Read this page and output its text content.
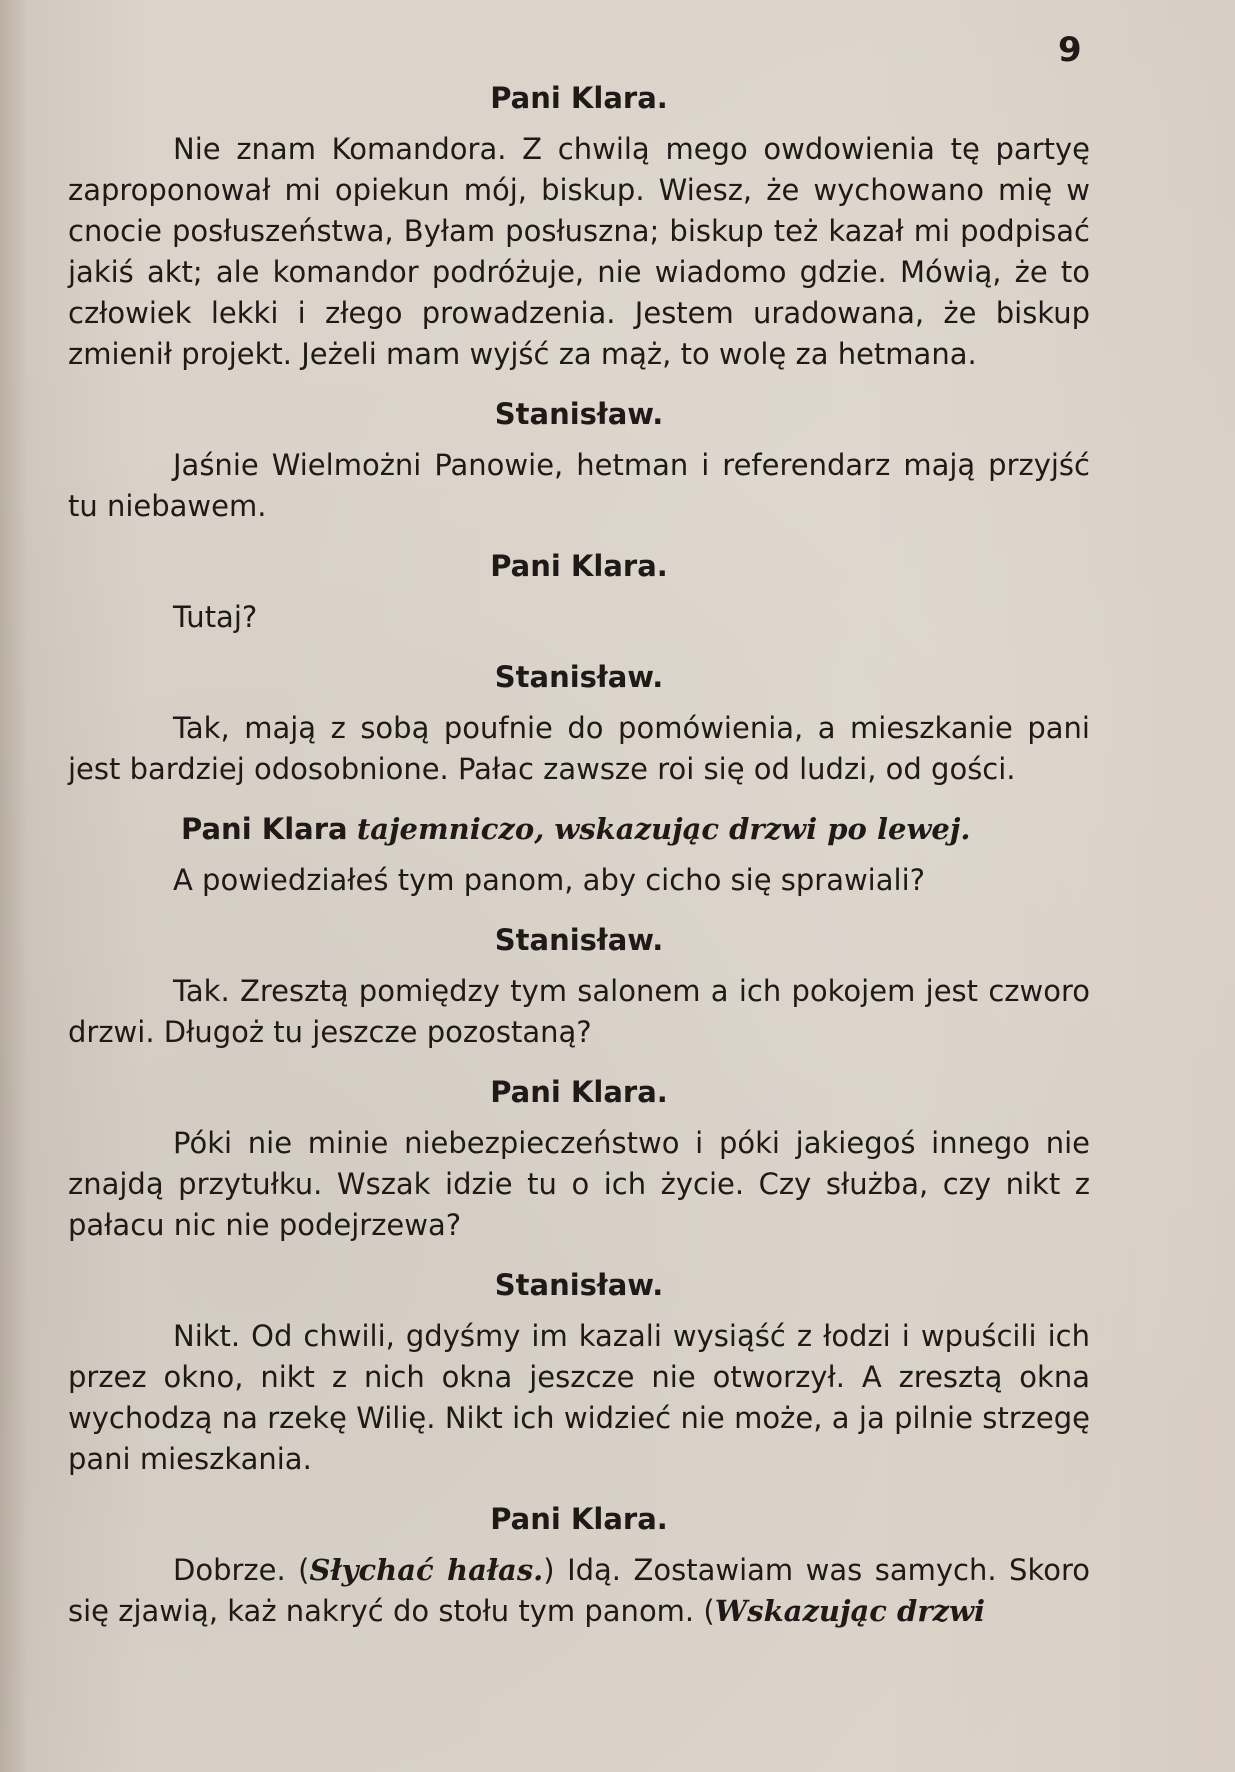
9
Pani Klara.

Nie znam Komandora. Z chwilą mego owdowienia tę partyę zaproponował mi opiekun mój, biskup. Wiesz, że wychowano mię w cnocie posłuszeństwa, Byłam posłuszna; biskup też kazał mi podpisać jakiś akt; ale komandor podróżuje, nie wiadomo gdzie. Mówią, że to człowiek lekki i złego prowadzenia. Jestem uradowana, że biskup zmienił projekt. Jeżeli mam wyjść za mąż, to wolę za hetmana.

Stanisław.

Jaśnie Wielmożni Panowie, hetman i referendarz mają przyjść tu niebawem.

Pani Klara.

Tutaj?

Stanisław.

Tak, mają z sobą poufnie do pomówienia, a mieszkanie pani jest bardziej odosobnione. Pałac zawsze roi się od ludzi, od gości.

Pani Klara tajemniczo, wskazując drzwi po lewej.

A powiedziałeś tym panom, aby cicho się sprawiali?

Stanisław.

Tak. Zresztą pomiędzy tym salonem a ich pokojem jest czworo drzwi. Długoż tu jeszcze pozostaną?

Pani Klara.

Póki nie minie niebezpieczeństwo i póki jakiegoś innego nie znajdą przytułku. Wszak idzie tu o ich życie. Czy służba, czy nikt z pałacu nic nie podejrzewa?

Stanisław.

Nikt. Od chwili, gdyśmy im kazali wysiąść z łodzi i wpuścili ich przez okno, nikt z nich okna jeszcze nie otworzył. A zresztą okna wychodzą na rzekę Wilię. Nikt ich widzieć nie może, a ja pilnie strzegę pani mieszkania.

Pani Klara.

Dobrze. (Słychać hałas.) Idą. Zostawiam was samych. Skoro się zjawią, każ nakryć do stołu tym panom. (Wskazując drzwi
